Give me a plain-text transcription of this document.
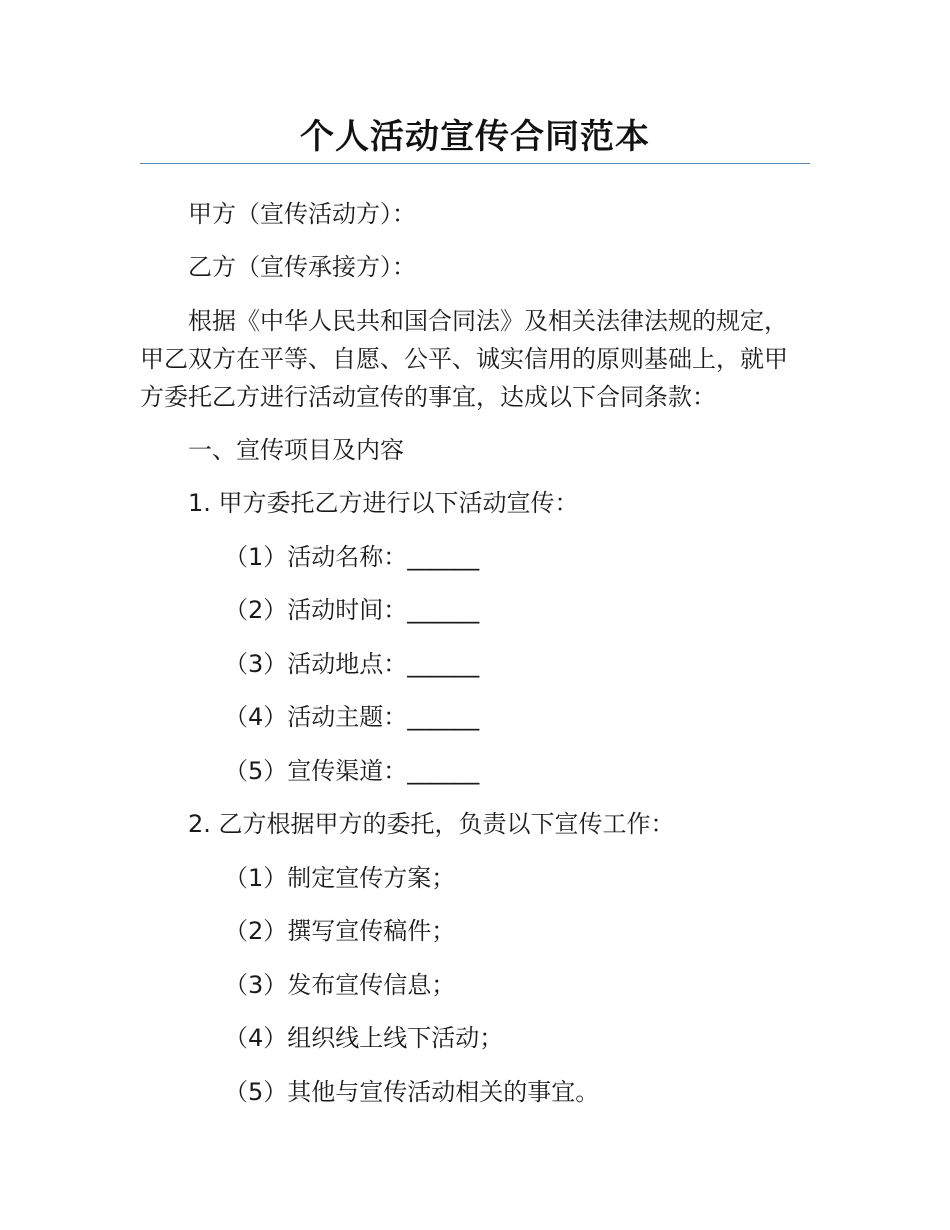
个人活动宣传合同范本
甲方（宣传活动方）：
乙方（宣传承接方）：

根据《中华人民共和国合同法》及相关法律法规的规定，

甲乙双方在平等、自愿、公平、诚实信用的原则基础上，就甲

方委托乙方进行活动宣传的事宜，达成以下合同条款：

一、宣传项目及内容
1. 甲方委托乙方进行以下活动宣传：
（1）活动名称：______
（2）活动时间：______
（3）活动地点：______
（4）活动主题：______
（5）宣传渠道：______
2. 乙方根据甲方的委托，负责以下宣传工作：
（1）制定宣传方案；
（2）撰写宣传稿件；
（3）发布宣传信息；
（4）组织线上线下活动；
（5）其他与宣传活动相关的事宜。
